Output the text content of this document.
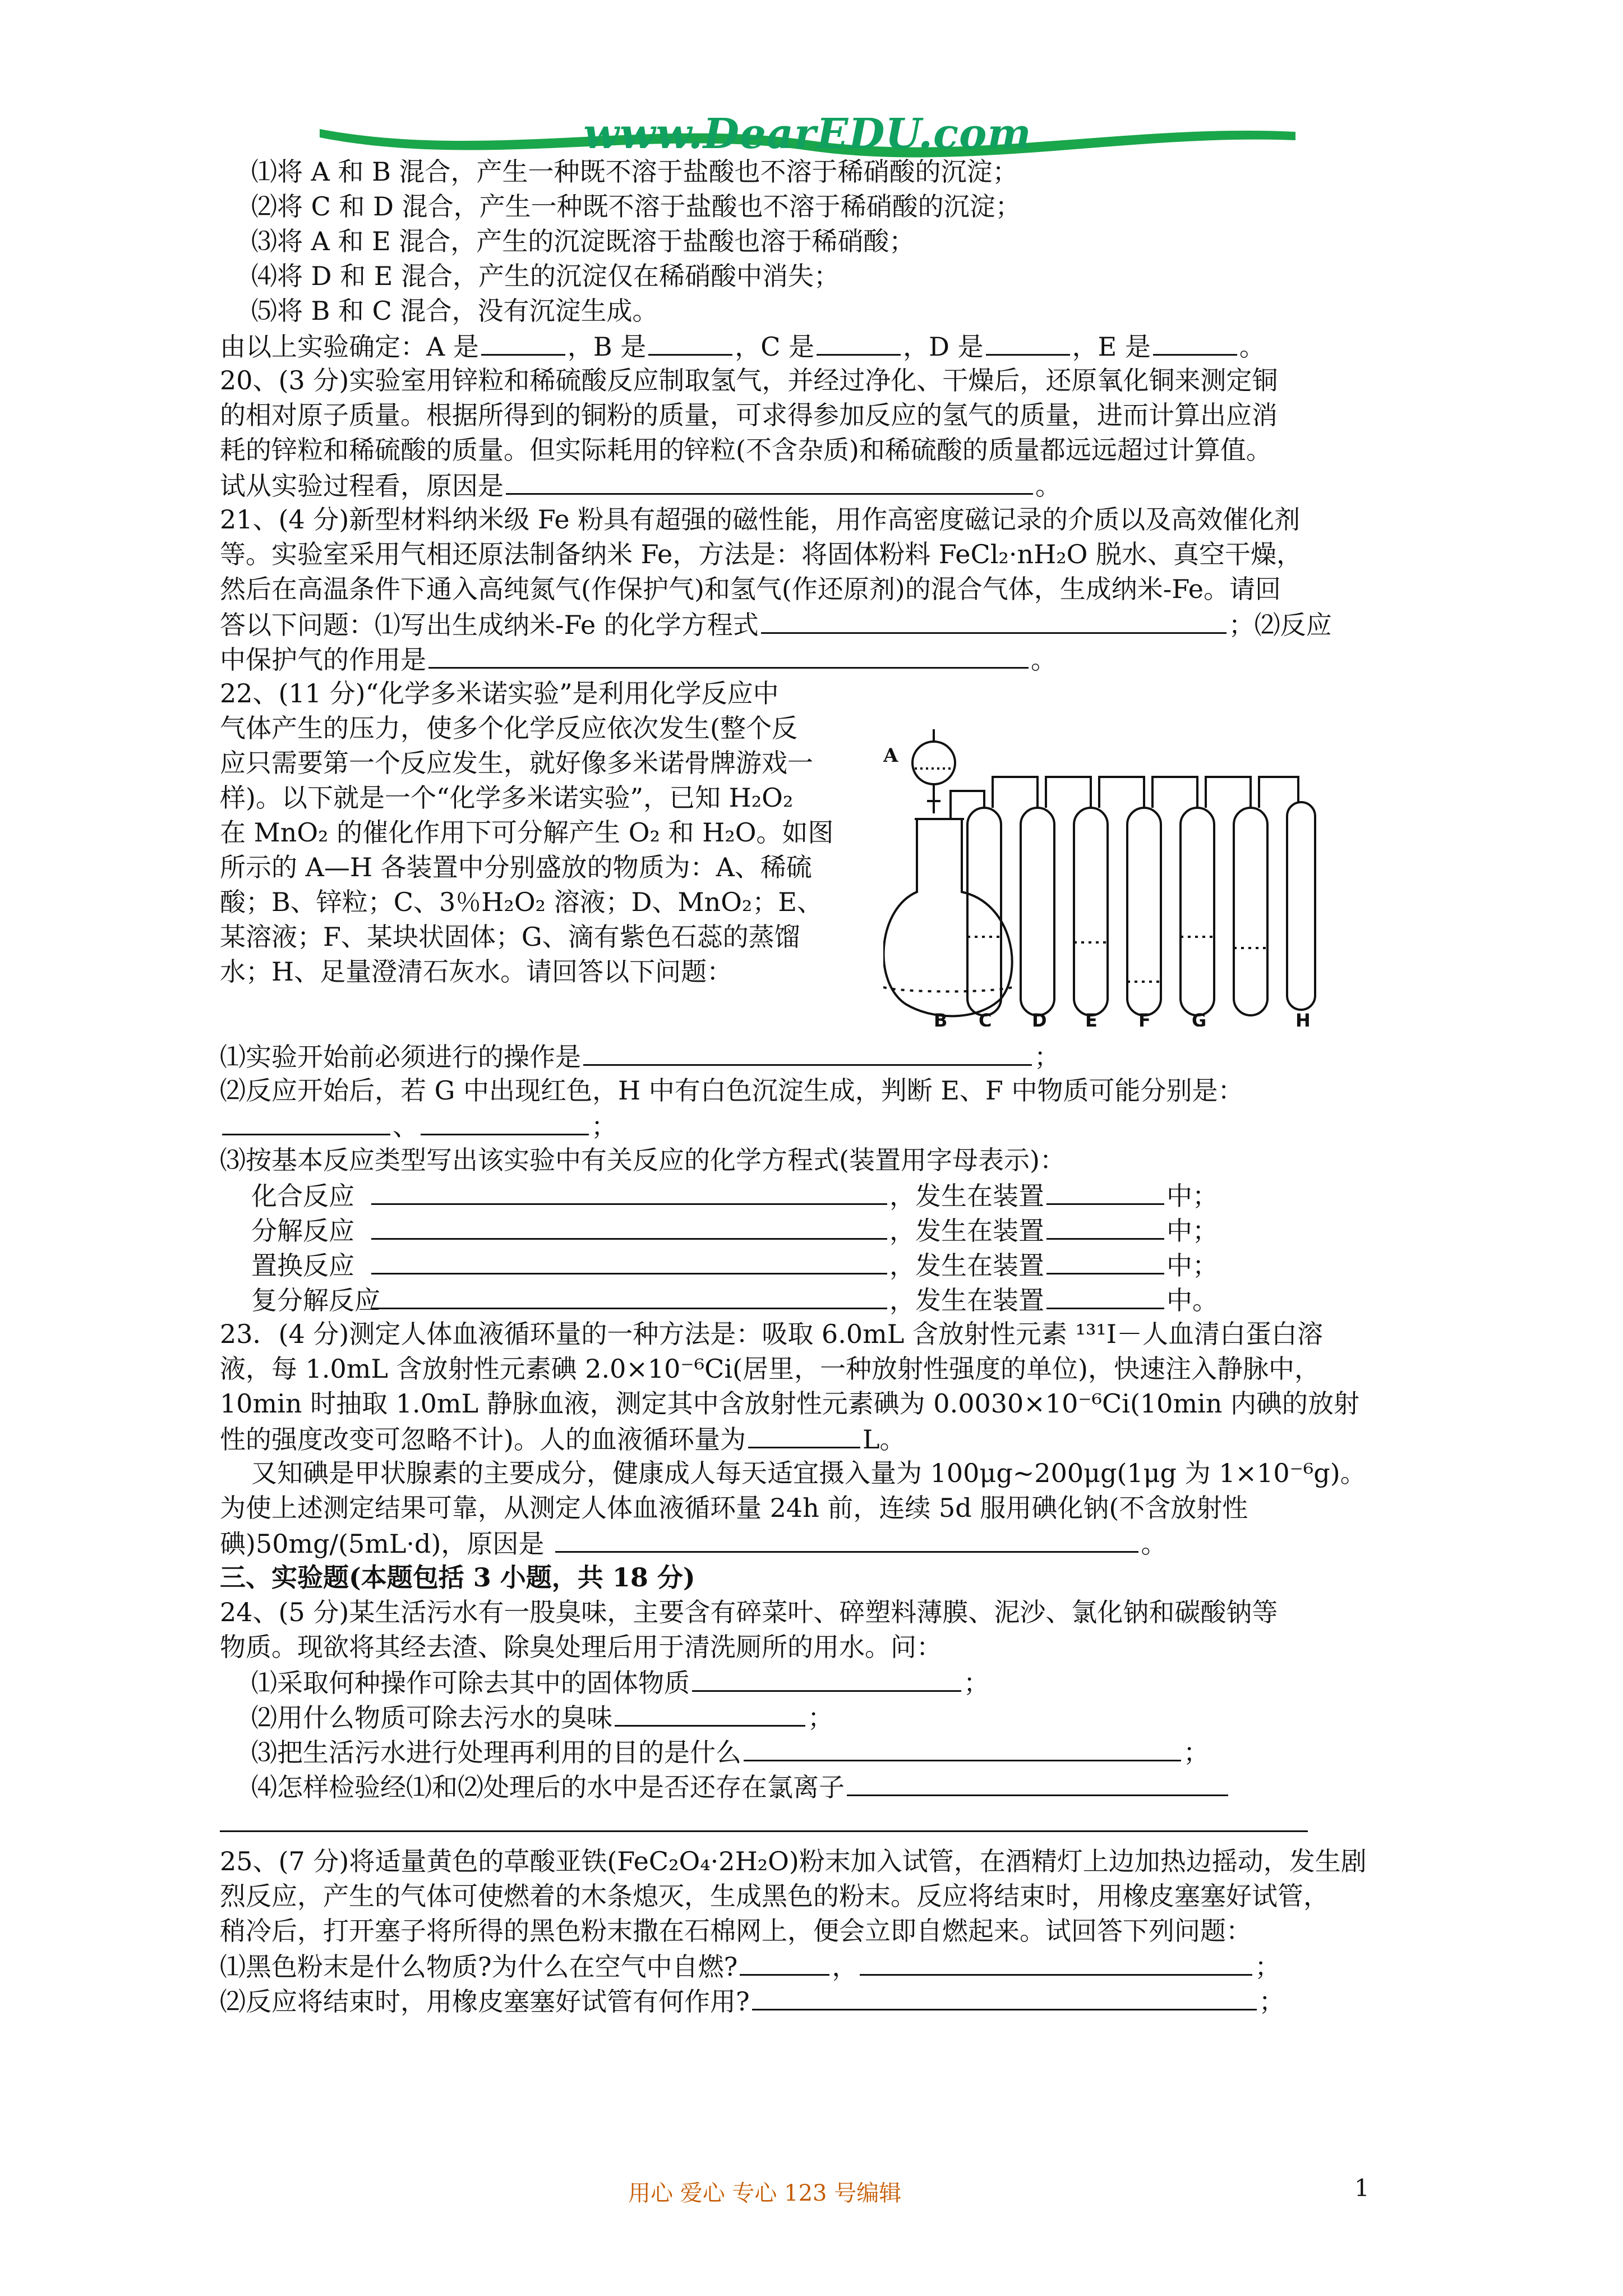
www.DearEDU.com
⑴将 A 和 B 混合，产生一种既不溶于盐酸也不溶于稀硝酸的沉淀；
⑵将 C 和 D 混合，产生一种既不溶于盐酸也不溶于稀硝酸的沉淀；
⑶将 A 和 E 混合，产生的沉淀既溶于盐酸也溶于稀硝酸；
⑷将 D 和 E 混合，产生的沉淀仅在稀硝酸中消失；
⑸将 B 和 C 混合，没有沉淀生成。
由以上实验确定：A 是	，B 是	，C 是	，D 是	，E 是	。
20、(3 分)实验室用锌粒和稀硫酸反应制取氢气，并经过净化、干燥后，还原氧化铜来测定铜
的相对原子质量。根据所得到的铜粉的质量，可求得参加反应的氢气的质量，进而计算出应消
耗的锌粒和稀硫酸的质量。但实际耗用的锌粒(不含杂质)和稀硫酸的质量都远远超过计算值。
试从实验过程看，原因是	。
21、(4 分)新型材料纳米级 Fe 粉具有超强的磁性能，用作高密度磁记录的介质以及高效催化剂
等。实验室采用气相还原法制备纳米 Fe，方法是：将固体粉料 FeCl₂·nH₂O 脱水、真空干燥，
然后在高温条件下通入高纯氮气(作保护气)和氢气(作还原剂)的混合气体，生成纳米-Fe。请回
答以下问题：⑴写出生成纳米-Fe 的化学方程式	；⑵反应
中保护气的作用是	。
22、(11 分)“化学多米诺实验”是利用化学反应中
气体产生的压力，使多个化学反应依次发生(整个反
应只需要第一个反应发生，就好像多米诺骨牌游戏一
样)。以下就是一个“化学多米诺实验”，已知 H₂O₂
在 MnO₂ 的催化作用下可分解产生 O₂ 和 H₂O。如图
所示的 A—H 各装置中分别盛放的物质为：A、稀硫
酸；B、锌粒；C、3％H₂O₂ 溶液；D、MnO₂；E、
某溶液；F、某块状固体；G、滴有紫色石蕊的蒸馏
水；H、足量澄清石灰水。请回答以下问题：
A
B C D E F G	H
⑴实验开始前必须进行的操作是	；
⑵反应开始后，若 G 中出现红色，H 中有白色沉淀生成，判断 E、F 中物质可能分别是：
、	；
⑶按基本反应类型写出该实验中有关反应的化学方程式(装置用字母表示)：
化合反应	，发生在装置	中；
分解反应	，发生在装置	中；
置换反应	，发生在装置	中；
复分解反应	，发生在装置	中。
23．(4 分)测定人体血液循环量的一种方法是：吸取 6.0mL 含放射性元素 ¹³¹I－人血清白蛋白溶
液，每 1.0mL 含放射性元素碘 2.0×10⁻⁶Ci(居里，一种放射性强度的单位)，快速注入静脉中，
10min 时抽取 1.0mL 静脉血液，测定其中含放射性元素碘为 0.0030×10⁻⁶Ci(10min 内碘的放射
性的强度改变可忽略不计)。人的血液循环量为	L。
又知碘是甲状腺素的主要成分，健康成人每天适宜摄入量为 100μg~200μg(1μg 为 1×10⁻⁶g)。
为使上述测定结果可靠，从测定人体血液循环量 24h 前，连续 5d 服用碘化钠(不含放射性
碘)50mg/(5mL·d)，原因是	。
三、实验题(本题包括 3 小题，共 18 分)
24、(5 分)某生活污水有一股臭味，主要含有碎菜叶、碎塑料薄膜、泥沙、氯化钠和碳酸钠等
物质。现欲将其经去渣、除臭处理后用于清洗厕所的用水。问：
⑴采取何种操作可除去其中的固体物质	；
⑵用什么物质可除去污水的臭味	；
⑶把生活污水进行处理再利用的目的是什么	；
⑷怎样检验经⑴和⑵处理后的水中是否还存在氯离子
25、(7 分)将适量黄色的草酸亚铁(FeC₂O₄·2H₂O)粉末加入试管，在酒精灯上边加热边摇动，发生剧
烈反应，产生的气体可使燃着的木条熄灭，生成黑色的粉末。反应将结束时，用橡皮塞塞好试管，
稍冷后，打开塞子将所得的黑色粉末撒在石棉网上，便会立即自燃起来。试回答下列问题：
⑴黑色粉末是什么物质?为什么在空气中自燃?	，	；
⑵反应将结束时，用橡皮塞塞好试管有何作用?	；
用心 爱心 专心 123 号编辑	1
